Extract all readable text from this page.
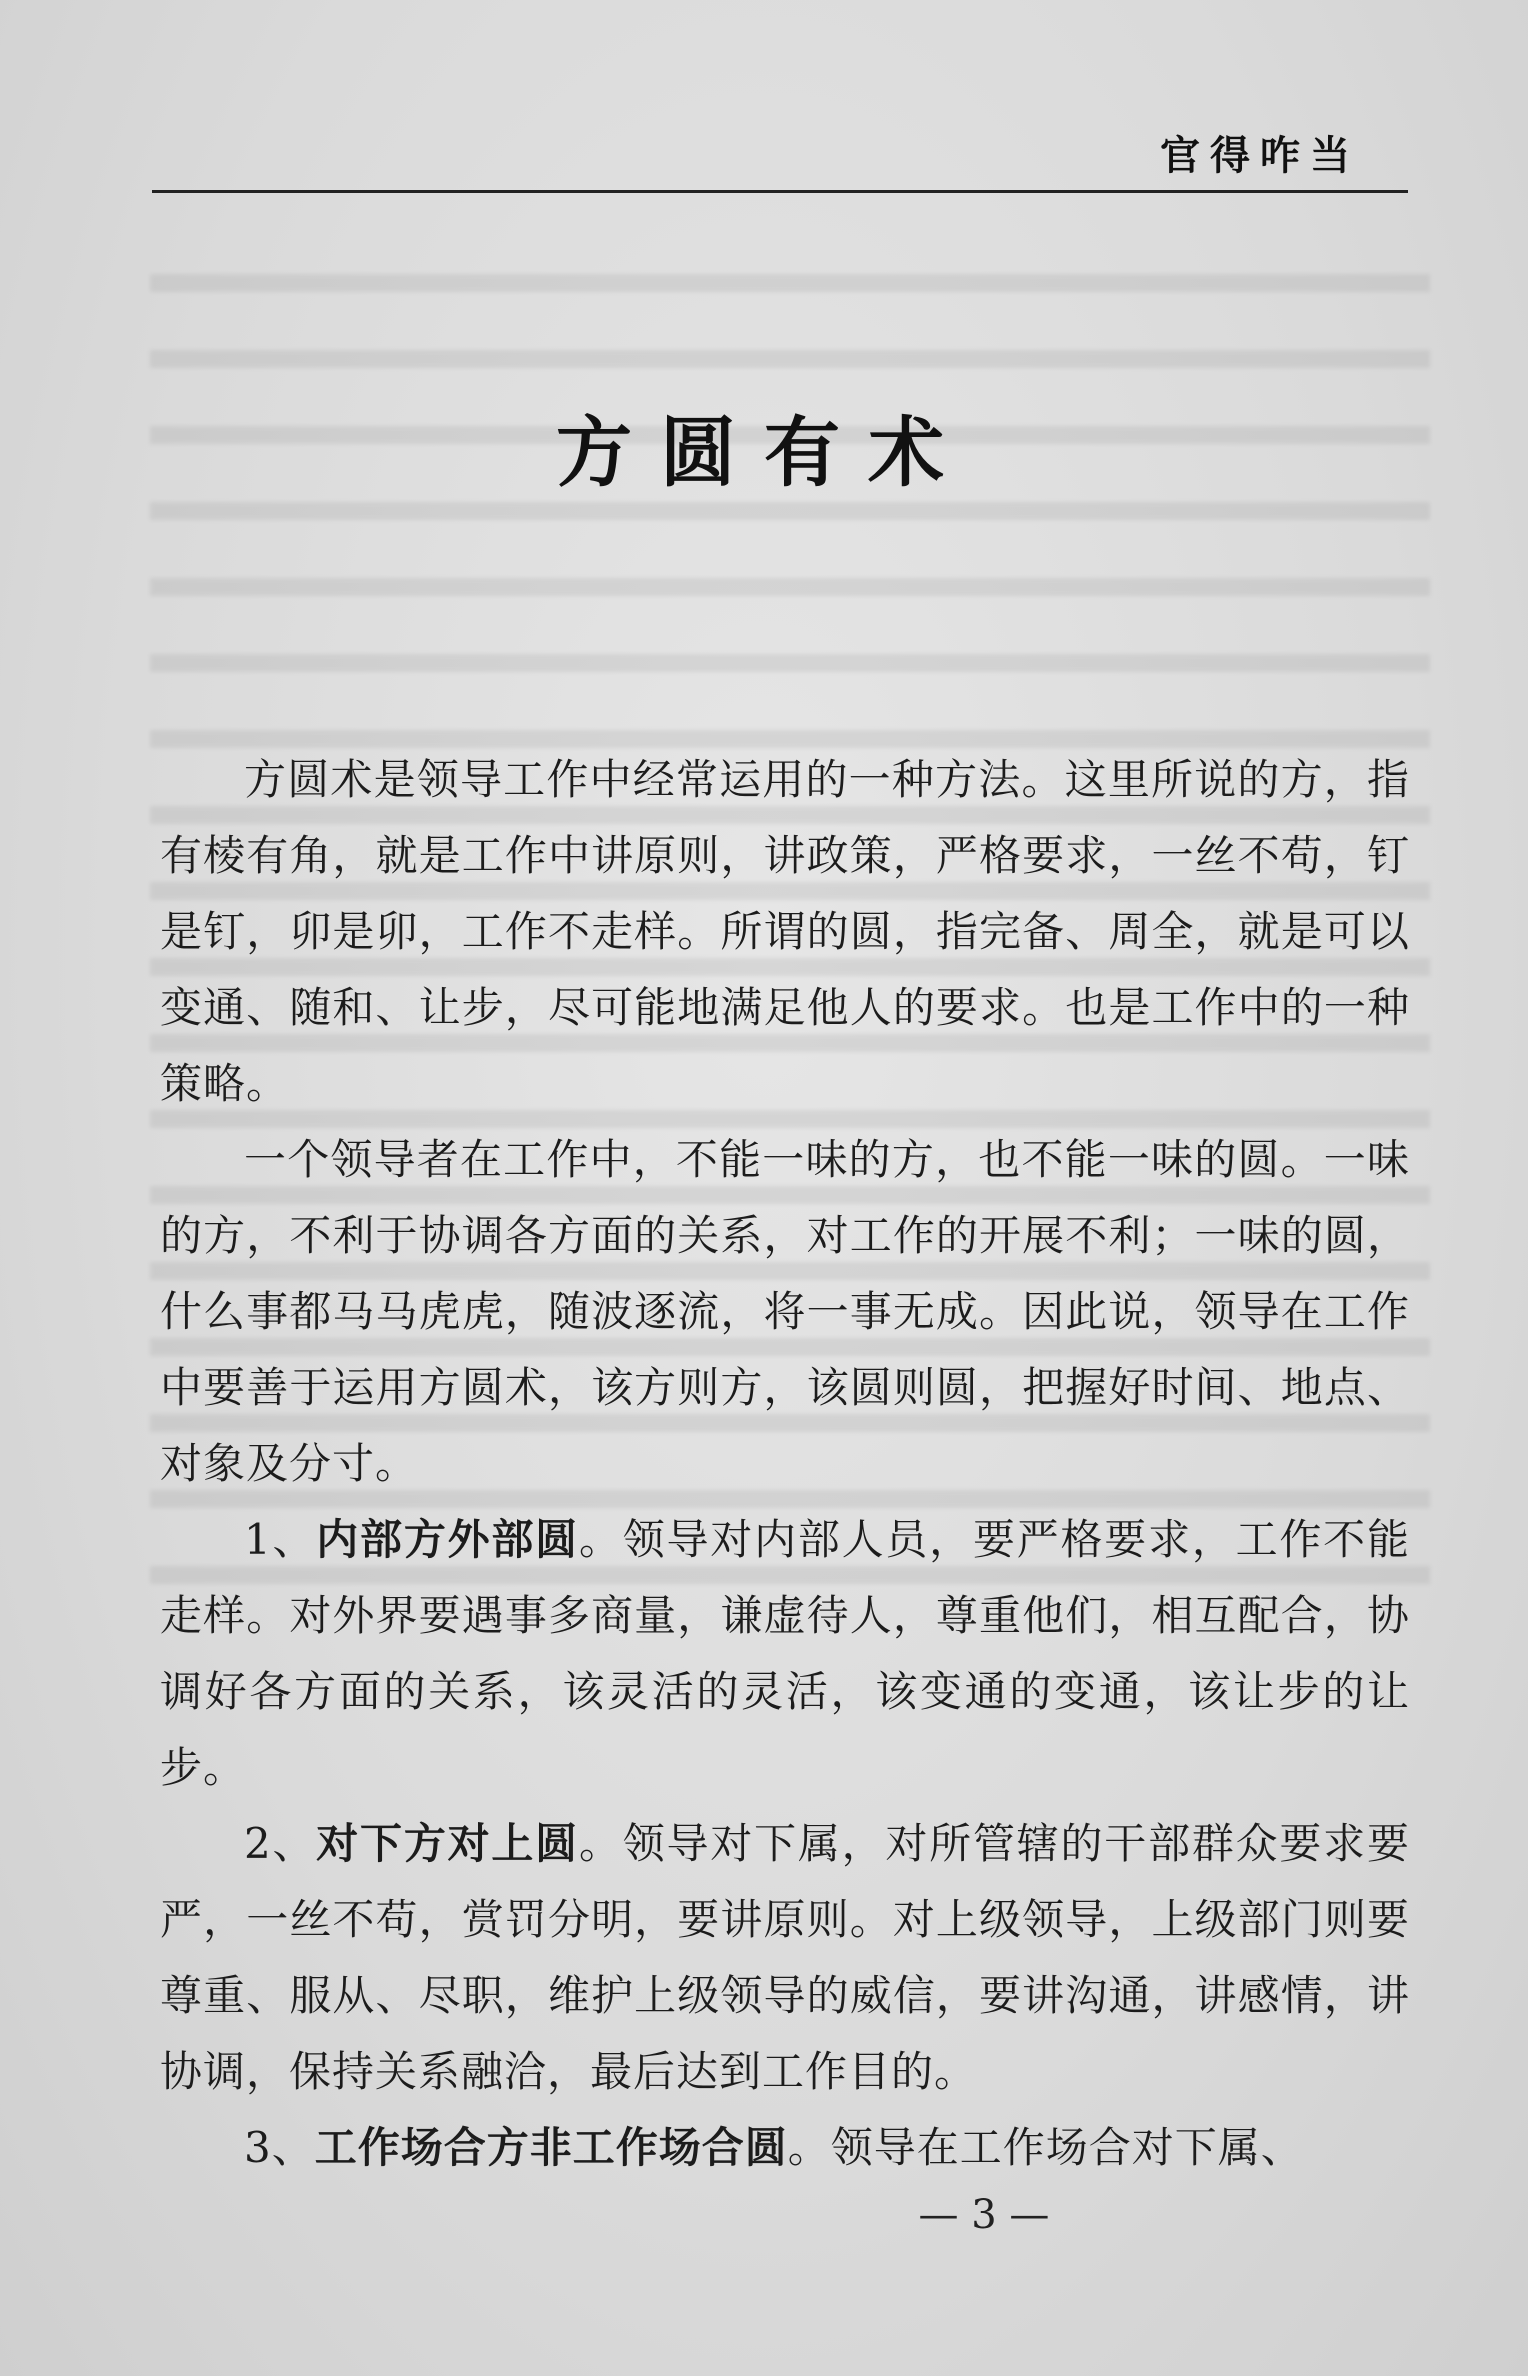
官得咋当
方圆有术

方圆术是领导工作中经常运用的一种方法。这里所说的方，指有棱有角，就是工作中讲原则，讲政策，严格要求，一丝不苟，钉是钉，卯是卯，工作不走样。所谓的圆，指完备、周全，就是可以变通、随和、让步，尽可能地满足他人的要求。也是工作中的一种策略。

一个领导者在工作中，不能一味的方，也不能一味的圆。一味的方，不利于协调各方面的关系，对工作的开展不利；一味的圆，什么事都马马虎虎，随波逐流，将一事无成。因此说，领导在工作中要善于运用方圆术，该方则方，该圆则圆，把握好时间、地点、对象及分寸。

1、内部方外部圆。领导对内部人员，要严格要求，工作不能走样。对外界要遇事多商量，谦虚待人，尊重他们，相互配合，协调好各方面的关系，该灵活的灵活，该变通的变通，该让步的让步。

2、对下方对上圆。领导对下属，对所管辖的干部群众要求要严，一丝不苟，赏罚分明，要讲原则。对上级领导，上级部门则要尊重、服从、尽职，维护上级领导的威信，要讲沟通，讲感情，讲协调，保持关系融洽，最后达到工作目的。

3、工作场合方非工作场合圆。领导在工作场合对下属、

— 3 —
